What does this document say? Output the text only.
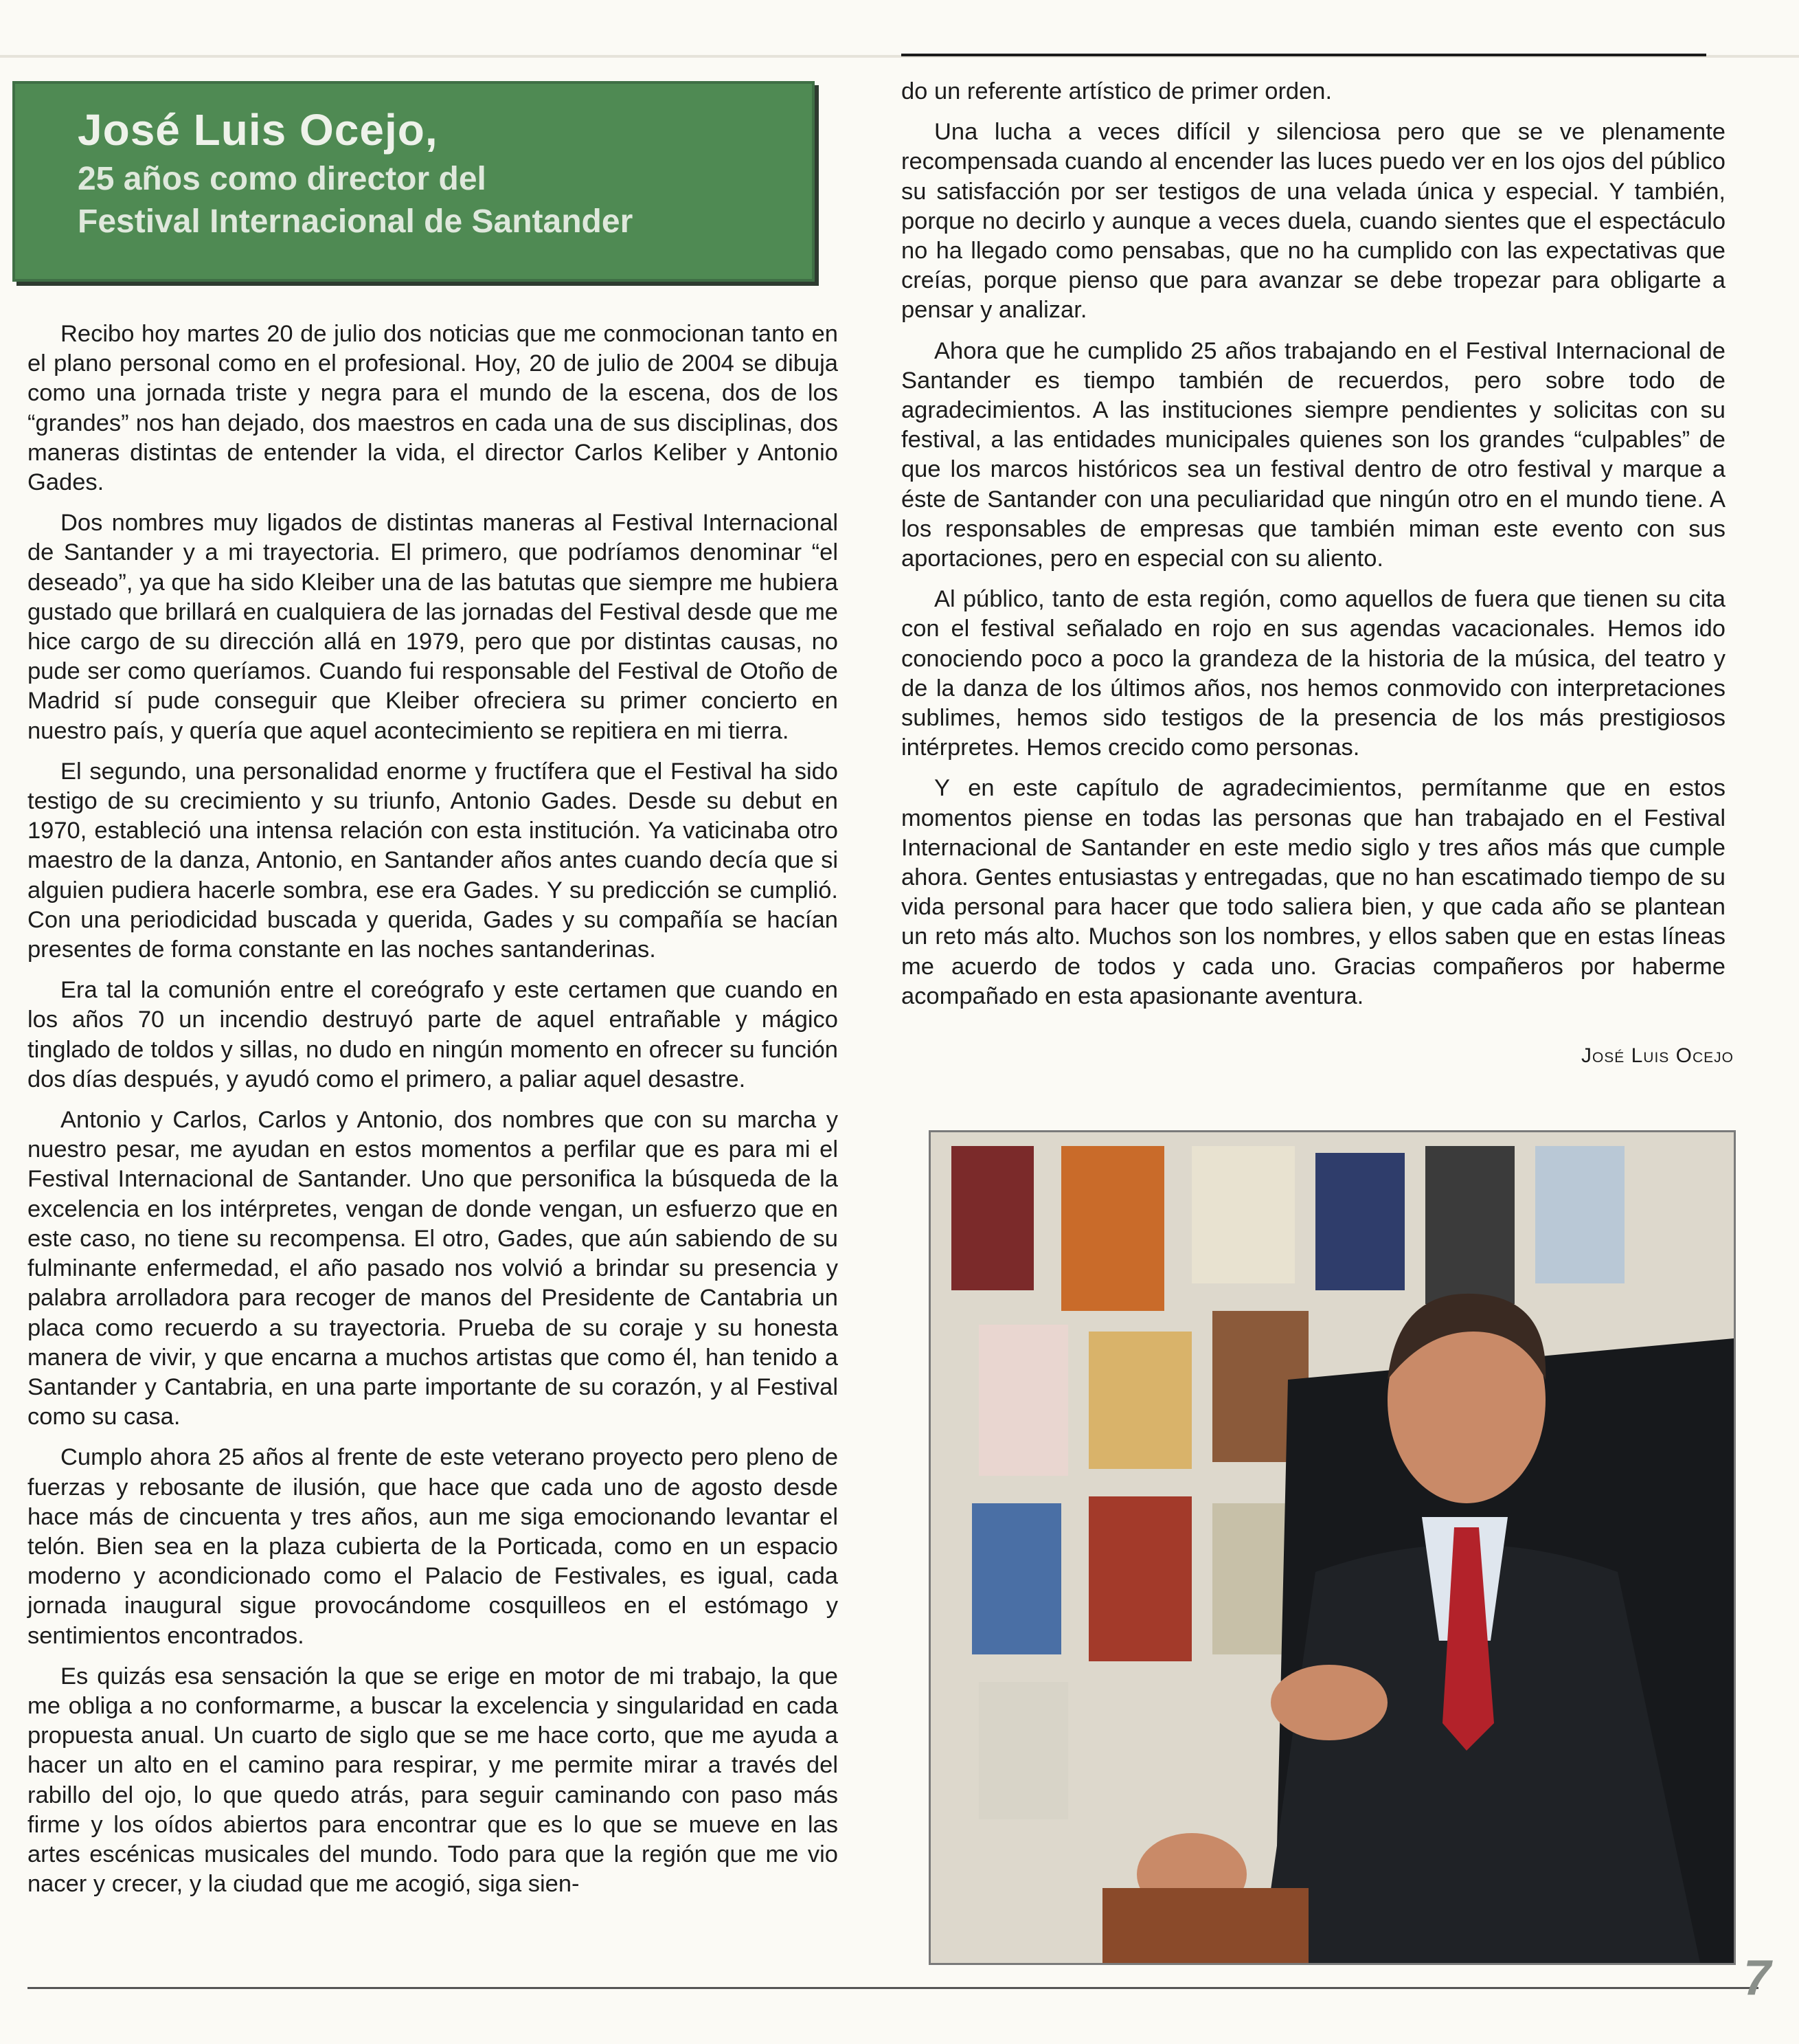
José Luis Ocejo,
25 años como director del
Festival Internacional de Santander

Recibo hoy martes 20 de julio dos noticias que me conmocionan tanto en el plano personal como en el profesional. Hoy, 20 de julio de 2004 se dibuja como una jornada triste y negra para el mundo de la escena, dos de los “grandes” nos han dejado, dos maestros en cada una de sus disciplinas, dos maneras distintas de entender la vida, el director Carlos Keliber y Antonio Gades.

Dos nombres muy ligados de distintas maneras al Festival Internacional de Santander y a mi trayectoria. El primero, que podríamos denominar “el deseado”, ya que ha sido Kleiber una de las batutas que siempre me hubiera gustado que brillará en cualquiera de las jornadas del Festival desde que me hice cargo de su dirección allá en 1979, pero que por distintas causas, no pude ser como queríamos. Cuando fui responsable del Festival de Otoño de Madrid sí pude conseguir que Kleiber ofreciera su primer concierto en nuestro país, y quería que aquel acontecimiento se repitiera en mi tierra.

El segundo, una personalidad enorme y fructífera que el Festival ha sido testigo de su crecimiento y su triunfo, Antonio Gades. Desde su debut en 1970, estableció una intensa relación con esta institución. Ya vaticinaba otro maestro de la danza, Antonio, en Santander años antes cuando decía que si alguien pudiera hacerle sombra, ese era Gades. Y su predicción se cumplió. Con una periodicidad buscada y querida, Gades y su compañía se hacían presentes de forma constante en las noches santanderinas.

Era tal la comunión entre el coreógrafo y este certamen que cuando en los años 70 un incendio destruyó parte de aquel entrañable y mágico tinglado de toldos y sillas, no dudo en ningún momento en ofrecer su función dos días después, y ayudó como el primero, a paliar aquel desastre.

Antonio y Carlos, Carlos y Antonio, dos nombres que con su marcha y nuestro pesar, me ayudan en estos momentos a perfilar que es para mi el Festival Internacional de Santander. Uno que personifica la búsqueda de la excelencia en los intérpretes, vengan de donde vengan, un esfuerzo que en este caso, no tiene su recompensa. El otro, Gades, que aún sabiendo de su fulminante enfermedad, el año pasado nos volvió a brindar su presencia y palabra arrolladora para recoger de manos del Presidente de Cantabria un placa como recuerdo a su trayectoria. Prueba de su coraje y su honesta manera de vivir, y que encarna a muchos artistas que como él, han tenido a Santander y Cantabria, en una parte importante de su corazón, y al Festival como su casa.

Cumplo ahora 25 años al frente de este veterano proyecto pero pleno de fuerzas y rebosante de ilusión, que hace que cada uno de agosto desde hace más de cincuenta y tres años, aun me siga emocionando levantar el telón. Bien sea en la plaza cubierta de la Porticada, como en un espacio moderno y acondicionado como el Palacio de Festivales, es igual, cada jornada inaugural sigue provocándome cosquilleos en el estómago y sentimientos encontrados.

Es quizás esa sensación la que se erige en motor de mi trabajo, la que me obliga a no conformarme, a buscar la excelencia y singularidad en cada propuesta anual. Un cuarto de siglo que se me hace corto, que me ayuda a hacer un alto en el camino para respirar, y me permite mirar a través del rabillo del ojo, lo que quedo atrás, para seguir caminando con paso más firme y los oídos abiertos para encontrar que es lo que se mueve en las artes escénicas musicales del mundo. Todo para que la región que me vio nacer y crecer, y la ciudad que me acogió, siga sien-

do un referente artístico de primer orden.

Una lucha a veces difícil y silenciosa pero que se ve plenamente recompensada cuando al encender las luces puedo ver en los ojos del público su satisfacción por ser testigos de una velada única y especial. Y también, porque no decirlo y aunque a veces duela, cuando sientes que el espectáculo no ha llegado como pensabas, que no ha cumplido con las expectativas que creías, porque pienso que para avanzar se debe tropezar para obligarte a pensar y analizar.

Ahora que he cumplido 25 años trabajando en el Festival Internacional de Santander es tiempo también de recuerdos, pero sobre todo de agradecimientos. A las instituciones siempre pendientes y solicitas con su festival, a las entidades municipales quienes son los grandes “culpables” de que los marcos históricos sea un festival dentro de otro festival y marque a éste de Santander con una peculiaridad que ningún otro en el mundo tiene. A los responsables de empresas que también miman este evento con sus aportaciones, pero en especial con su aliento.

Al público, tanto de esta región, como aquellos de fuera que tienen su cita con el festival señalado en rojo en sus agendas vacacionales. Hemos ido conociendo poco a poco la grandeza de la historia de la música, del teatro y de la danza de los últimos años, nos hemos conmovido con interpretaciones sublimes, hemos sido testigos de la presencia de los más prestigiosos intérpretes. Hemos crecido como personas.

Y en este capítulo de agradecimientos, permítanme que en estos momentos piense en todas las personas que han trabajado en el Festival Internacional de Santander en este medio siglo y tres años más que cumple ahora. Gentes entusiastas y entregadas, que no han escatimado tiempo de su vida personal para hacer que todo saliera bien, y que cada año se plantean un reto más alto. Muchos son los nombres, y ellos saben que en estas líneas me acuerdo de todos y cada uno. Gracias compañeros por haberme acompañado en esta apasionante aventura.

José Luis Ocejo
7
